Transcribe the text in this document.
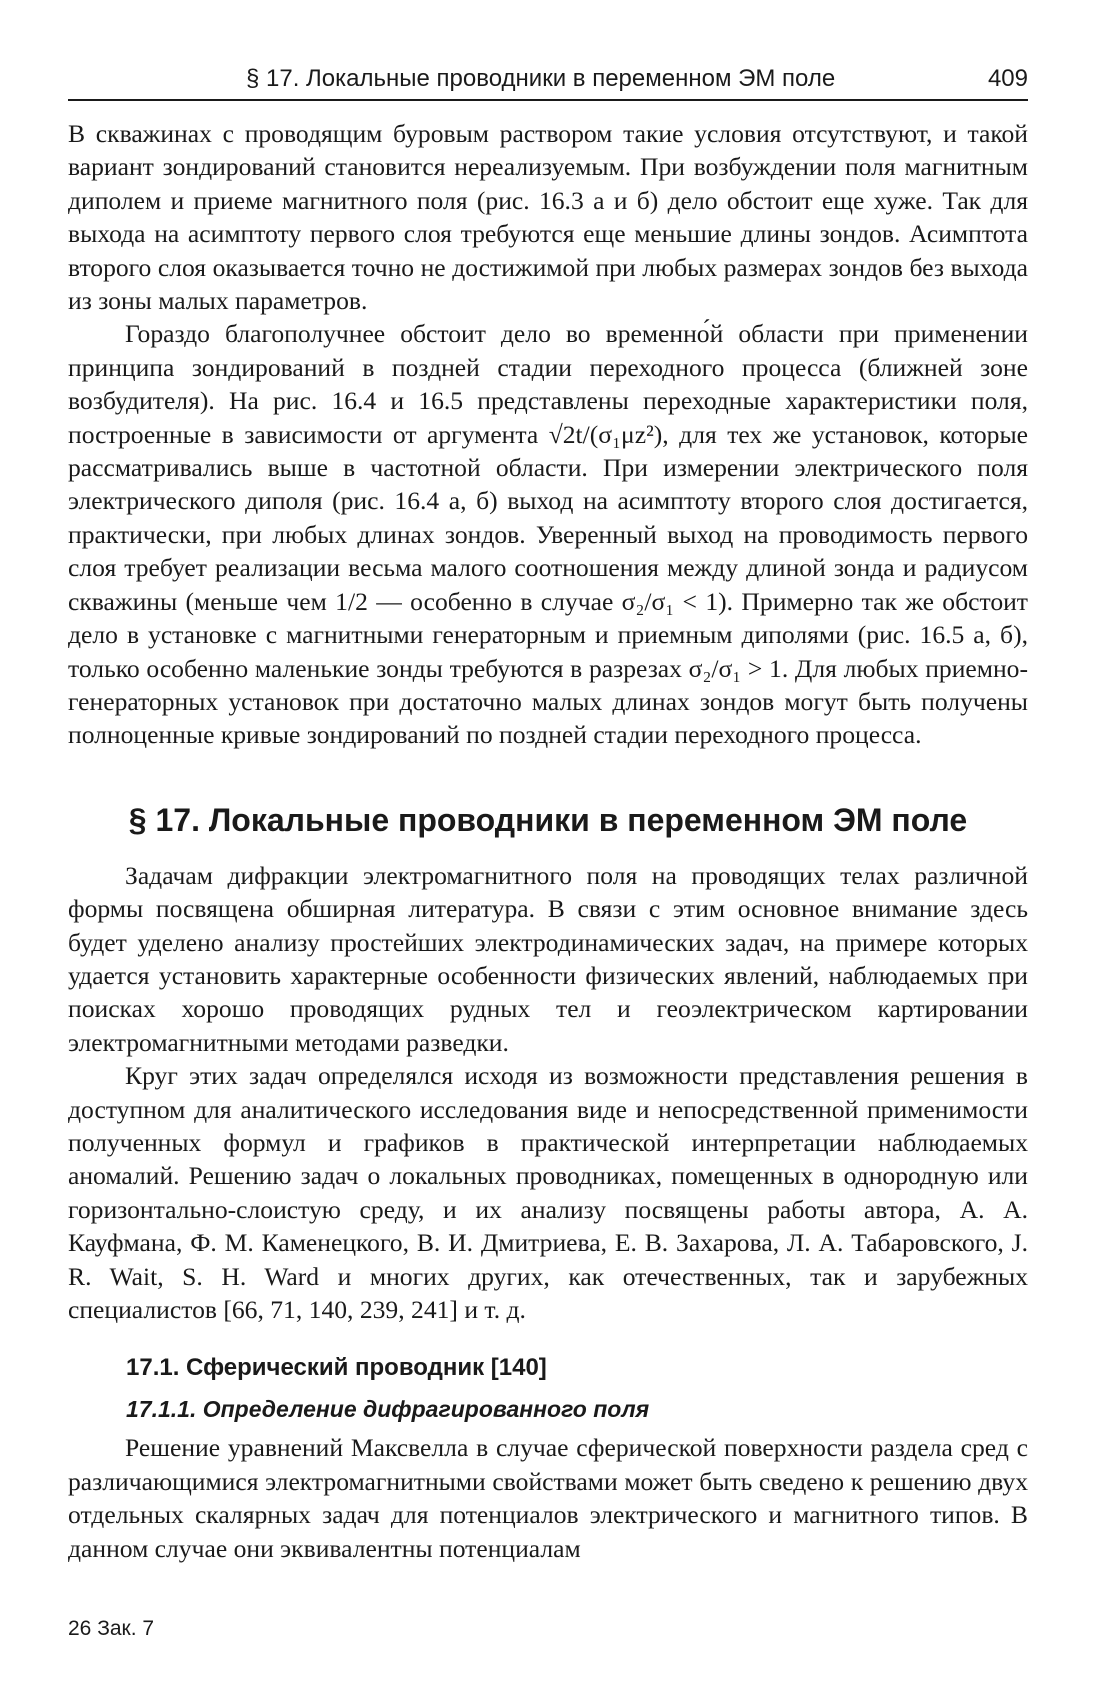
§ 17. Локальные проводники в переменном ЭМ поле	409

В скважинах с проводящим буровым раствором такие условия отсутствуют, и такой вариант зондирований становится нереализуемым. При возбуждении поля магнитным диполем и приеме магнитного поля (рис. 16.3 а и б) дело обстоит еще хуже. Так для выхода на асимптоту первого слоя требуются еще меньшие длины зондов. Асимптота второго слоя оказывается точно не достижимой при любых размерах зондов без выхода из зоны малых параметров.

Гораздо благополучнее обстоит дело во временно́й области при применении принципа зондирований в поздней стадии переходного процесса (ближней зоне возбудителя). На рис. 16.4 и 16.5 представлены переходные характеристики поля, построенные в зависимости от аргумента √2t/(σ₁μz²), для тех же установок, которые рассматривались выше в частотной области. При измерении электрического поля электрического диполя (рис. 16.4 а, б) выход на асимптоту второго слоя достигается, практически, при любых длинах зондов. Уверенный выход на проводимость первого слоя требует реализации весьма малого соотношения между длиной зонда и радиусом скважины (меньше чем 1/2 — особенно в случае σ₂/σ₁ < 1). Примерно так же обстоит дело в установке с магнитными генераторным и приемным диполями (рис. 16.5 а, б), только особенно маленькие зонды требуются в разрезах σ₂/σ₁ > 1. Для любых приемно-генераторных установок при достаточно малых длинах зондов могут быть получены полноценные кривые зондирований по поздней стадии переходного процесса.

§ 17. Локальные проводники в переменном ЭМ поле

Задачам дифракции электромагнитного поля на проводящих телах различной формы посвящена обширная литература. В связи с этим основное внимание здесь будет уделено анализу простейших электродинамических задач, на примере которых удается установить характерные особенности физических явлений, наблюдаемых при поисках хорошо проводящих рудных тел и геоэлектрическом картировании электромагнитными методами разведки.

Круг этих задач определялся исходя из возможности представления решения в доступном для аналитического исследования виде и непосредственной применимости полученных формул и графиков в практической интерпретации наблюдаемых аномалий. Решению задач о локальных проводниках, помещенных в однородную или горизонтально-слоистую среду, и их анализу посвящены работы автора, А. А. Кауфмана, Ф. М. Каменецкого, В. И. Дмитриева, Е. В. Захарова, Л. А. Табаровского, J. R. Wait, S. H. Ward и многих других, как отечественных, так и зарубежных специалистов [66, 71, 140, 239, 241] и т. д.

17.1. Сферический проводник [140]
17.1.1. Определение дифрагированного поля

Решение уравнений Максвелла в случае сферической поверхности раздела сред с различающимися электромагнитными свойствами может быть сведено к решению двух отдельных скалярных задач для потенциалов электрического и магнитного типов. В данном случае они эквивалентны потенциалам

26 Зак. 7
